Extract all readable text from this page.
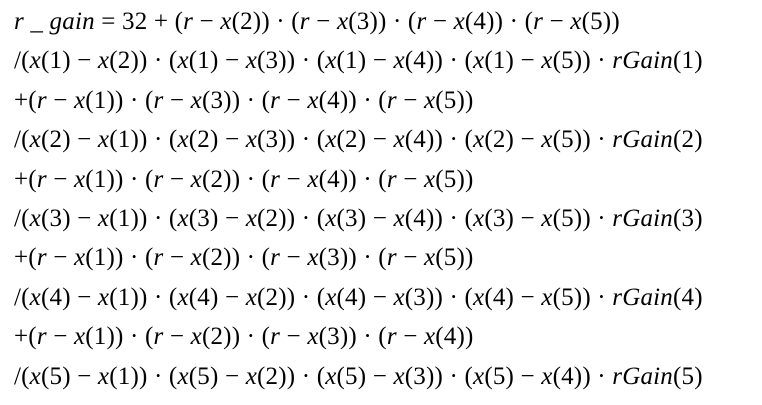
r _ gain = 32 + (r − x(2)) · (r − x(3)) · (r − x(4)) · (r − x(5))
/(x(1) − x(2)) · (x(1) − x(3)) · (x(1) − x(4)) · (x(1) − x(5)) · rGain(1)
+(r − x(1)) · (r − x(3)) · (r − x(4)) · (r − x(5))
/(x(2) − x(1)) · (x(2) − x(3)) · (x(2) − x(4)) · (x(2) − x(5)) · rGain(2)
+(r − x(1)) · (r − x(2)) · (r − x(4)) · (r − x(5))
/(x(3) − x(1)) · (x(3) − x(2)) · (x(3) − x(4)) · (x(3) − x(5)) · rGain(3)
+(r − x(1)) · (r − x(2)) · (r − x(3)) · (r − x(5))
/(x(4) − x(1)) · (x(4) − x(2)) · (x(4) − x(3)) · (x(4) − x(5)) · rGain(4)
+(r − x(1)) · (r − x(2)) · (r − x(3)) · (r − x(4))
/(x(5) − x(1)) · (x(5) − x(2)) · (x(5) − x(3)) · (x(5) − x(4)) · rGain(5)
